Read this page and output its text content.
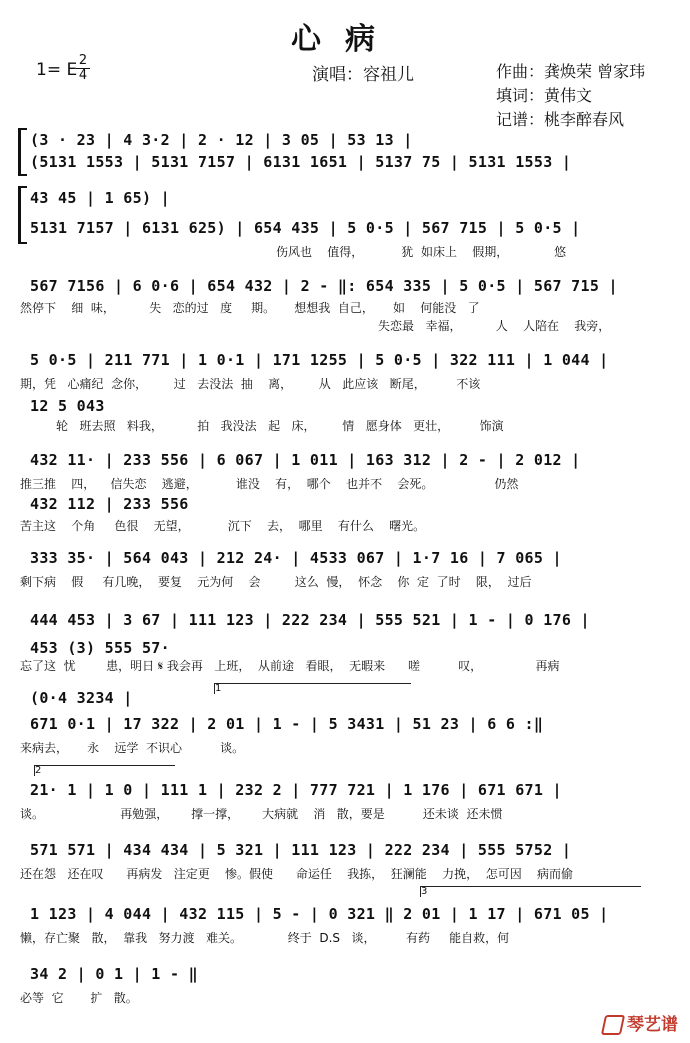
心病
1= E 2
4	演唱：容祖儿	作曲：龚焕荣 曾家玮
填词：黄伟文
记谱：桃李醉春风
1
2
3
(3 · 23 | 4 3·2 | 2 · 12 | 3 05 | 53 13 |
(5131 1553 | 5131 7157 | 6131 1651 | 5137 75 | 5131 1553 |
43 45 | 1 65) |
5131 7157 | 6131 625) | 654 435 | 5 0·5 | 567 715 | 5 0·5 |
567 7156 | 6 0·6 | 654 432 | 2 - ‖: 654 335 | 5 0·5 | 567 715 |
5 0·5 | 211 771 | 1 0·1 | 171 1255 | 5 0·5 | 322 111 | 1 044 |
12 5 043
432 11· | 233 556 | 6 067 | 1 011 | 163 312 | 2 - | 2 012 |
432 112 | 233 556
333 35· | 564 043 | 212 24· | 4533 067 | 1·7 16 | 7 065 |
444 453 | 3 67 | 111 123 | 222 234 | 555 521 | 1 - | 0 176 |
453 (3) 555 57·
(0·4 3234 |
671 0·1 | 17 322 | 2 01 | 1 - | 5 3431 | 51 23 | 6 6 :‖
21· 1 | 1 0 | 111 1 | 232 2 | 777 721 | 1 176 | 671 671 |
571 571 | 434 434 | 5 321 | 111 123 | 222 234 | 555 5752 |
1 123 | 4 044 | 432 115 | 5 - | 0 321 ‖ 2 01 | 1 17 | 671 05 |
34 2 | 0 1 | 1 - ‖
伤风也    值得，          犹  如床上    假期，            悠
然停下    细  味，         失   恋的过   度     期。     想想我  自己，     如    何能没   了
失恋最   幸福，         人    人陪在    我旁，
期，凭   心痛纪  念你，       过   去没法  抽    离，       从   此应该   断尾，        不该
轮   班去照   料我，         拍   我没法   起   床，       情   愿身体   更壮，        饰演
推三推    四，    信失恋    逃避，          谁没    有，  哪个    也并不    会死。                仍然
苦主这    个角     色很    无望，          沉下    去，  哪里    有什么    曙光。
剩下病    假     有几晚，  要复    元为何    会         这么  慢，  怀念    你  定  了时    限，  过后
忘了这  忧        患，明日 𝄋 我会再   上班，  从前途   看眼，  无暇来      嗟          叹，              再病
来病去，     永    远学  不识心          谈。
谈。                    再勉强，      撑一撑，      大病就    消   散，要是          还未谈  还未惯
还在怨   还在叹      再病发   注定更    惨。假使      命运任    我拣，  狂澜能    力挽，  怎可因    病而偷
懒，存亡聚   散，  靠我   努力渡   难关。            终于  D.S   谈，        有药     能自救，何
必等  它       扩   散。
琴艺谱
